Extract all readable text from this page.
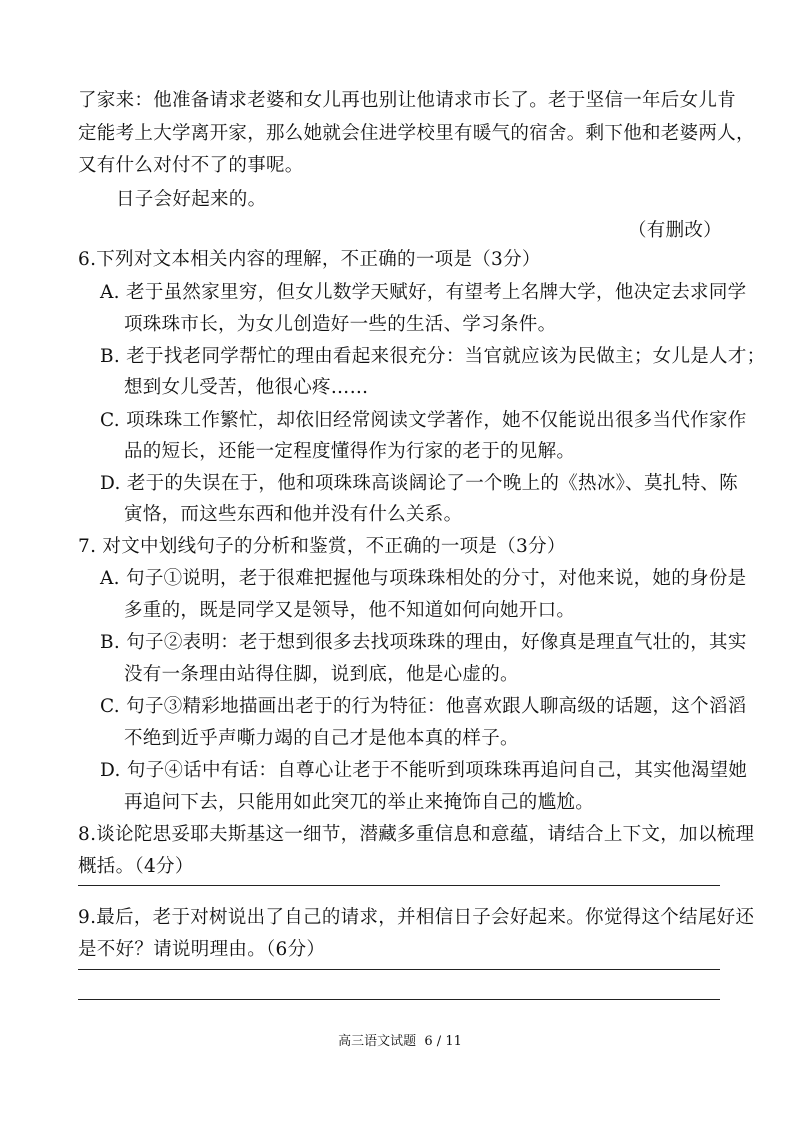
了家来：他准备请求老婆和女儿再也别让他请求市长了。老于坚信一年后女儿肯
定能考上大学离开家，那么她就会住进学校里有暖气的宿舍。剩下他和老婆两人，
又有什么对付不了的事呢。
日子会好起来的。
（有删改）
6.下列对文本相关内容的理解，不正确的一项是（3分）
A. 老于虽然家里穷，但女儿数学天赋好，有望考上名牌大学，他决定去求同学
项珠珠市长，为女儿创造好一些的生活、学习条件。
B. 老于找老同学帮忙的理由看起来很充分：当官就应该为民做主；女儿是人才；
想到女儿受苦，他很心疼……
C. 项珠珠工作繁忙，却依旧经常阅读文学著作，她不仅能说出很多当代作家作
品的短长，还能一定程度懂得作为行家的老于的见解。
D. 老于的失误在于，他和项珠珠高谈阔论了一个晚上的《热冰》、莫扎特、陈
寅恪，而这些东西和他并没有什么关系。
7. 对文中划线句子的分析和鉴赏，不正确的一项是（3分）
A. 句子①说明，老于很难把握他与项珠珠相处的分寸，对他来说，她的身份是
多重的，既是同学又是领导，他不知道如何向她开口。
B. 句子②表明：老于想到很多去找项珠珠的理由，好像真是理直气壮的，其实
没有一条理由站得住脚，说到底，他是心虚的。
C. 句子③精彩地描画出老于的行为特征：他喜欢跟人聊高级的话题，这个滔滔
不绝到近乎声嘶力竭的自己才是他本真的样子。
D. 句子④话中有话：自尊心让老于不能听到项珠珠再追问自己，其实他渴望她
再追问下去，只能用如此突兀的举止来掩饰自己的尴尬。
8.谈论陀思妥耶夫斯基这一细节，潜藏多重信息和意蕴，请结合上下文，加以梳理
概括。（4分）
9.最后，老于对树说出了自己的请求，并相信日子会好起来。你觉得这个结尾好还
是不好？请说明理由。（6分）
高三语文试题 6 / 11
